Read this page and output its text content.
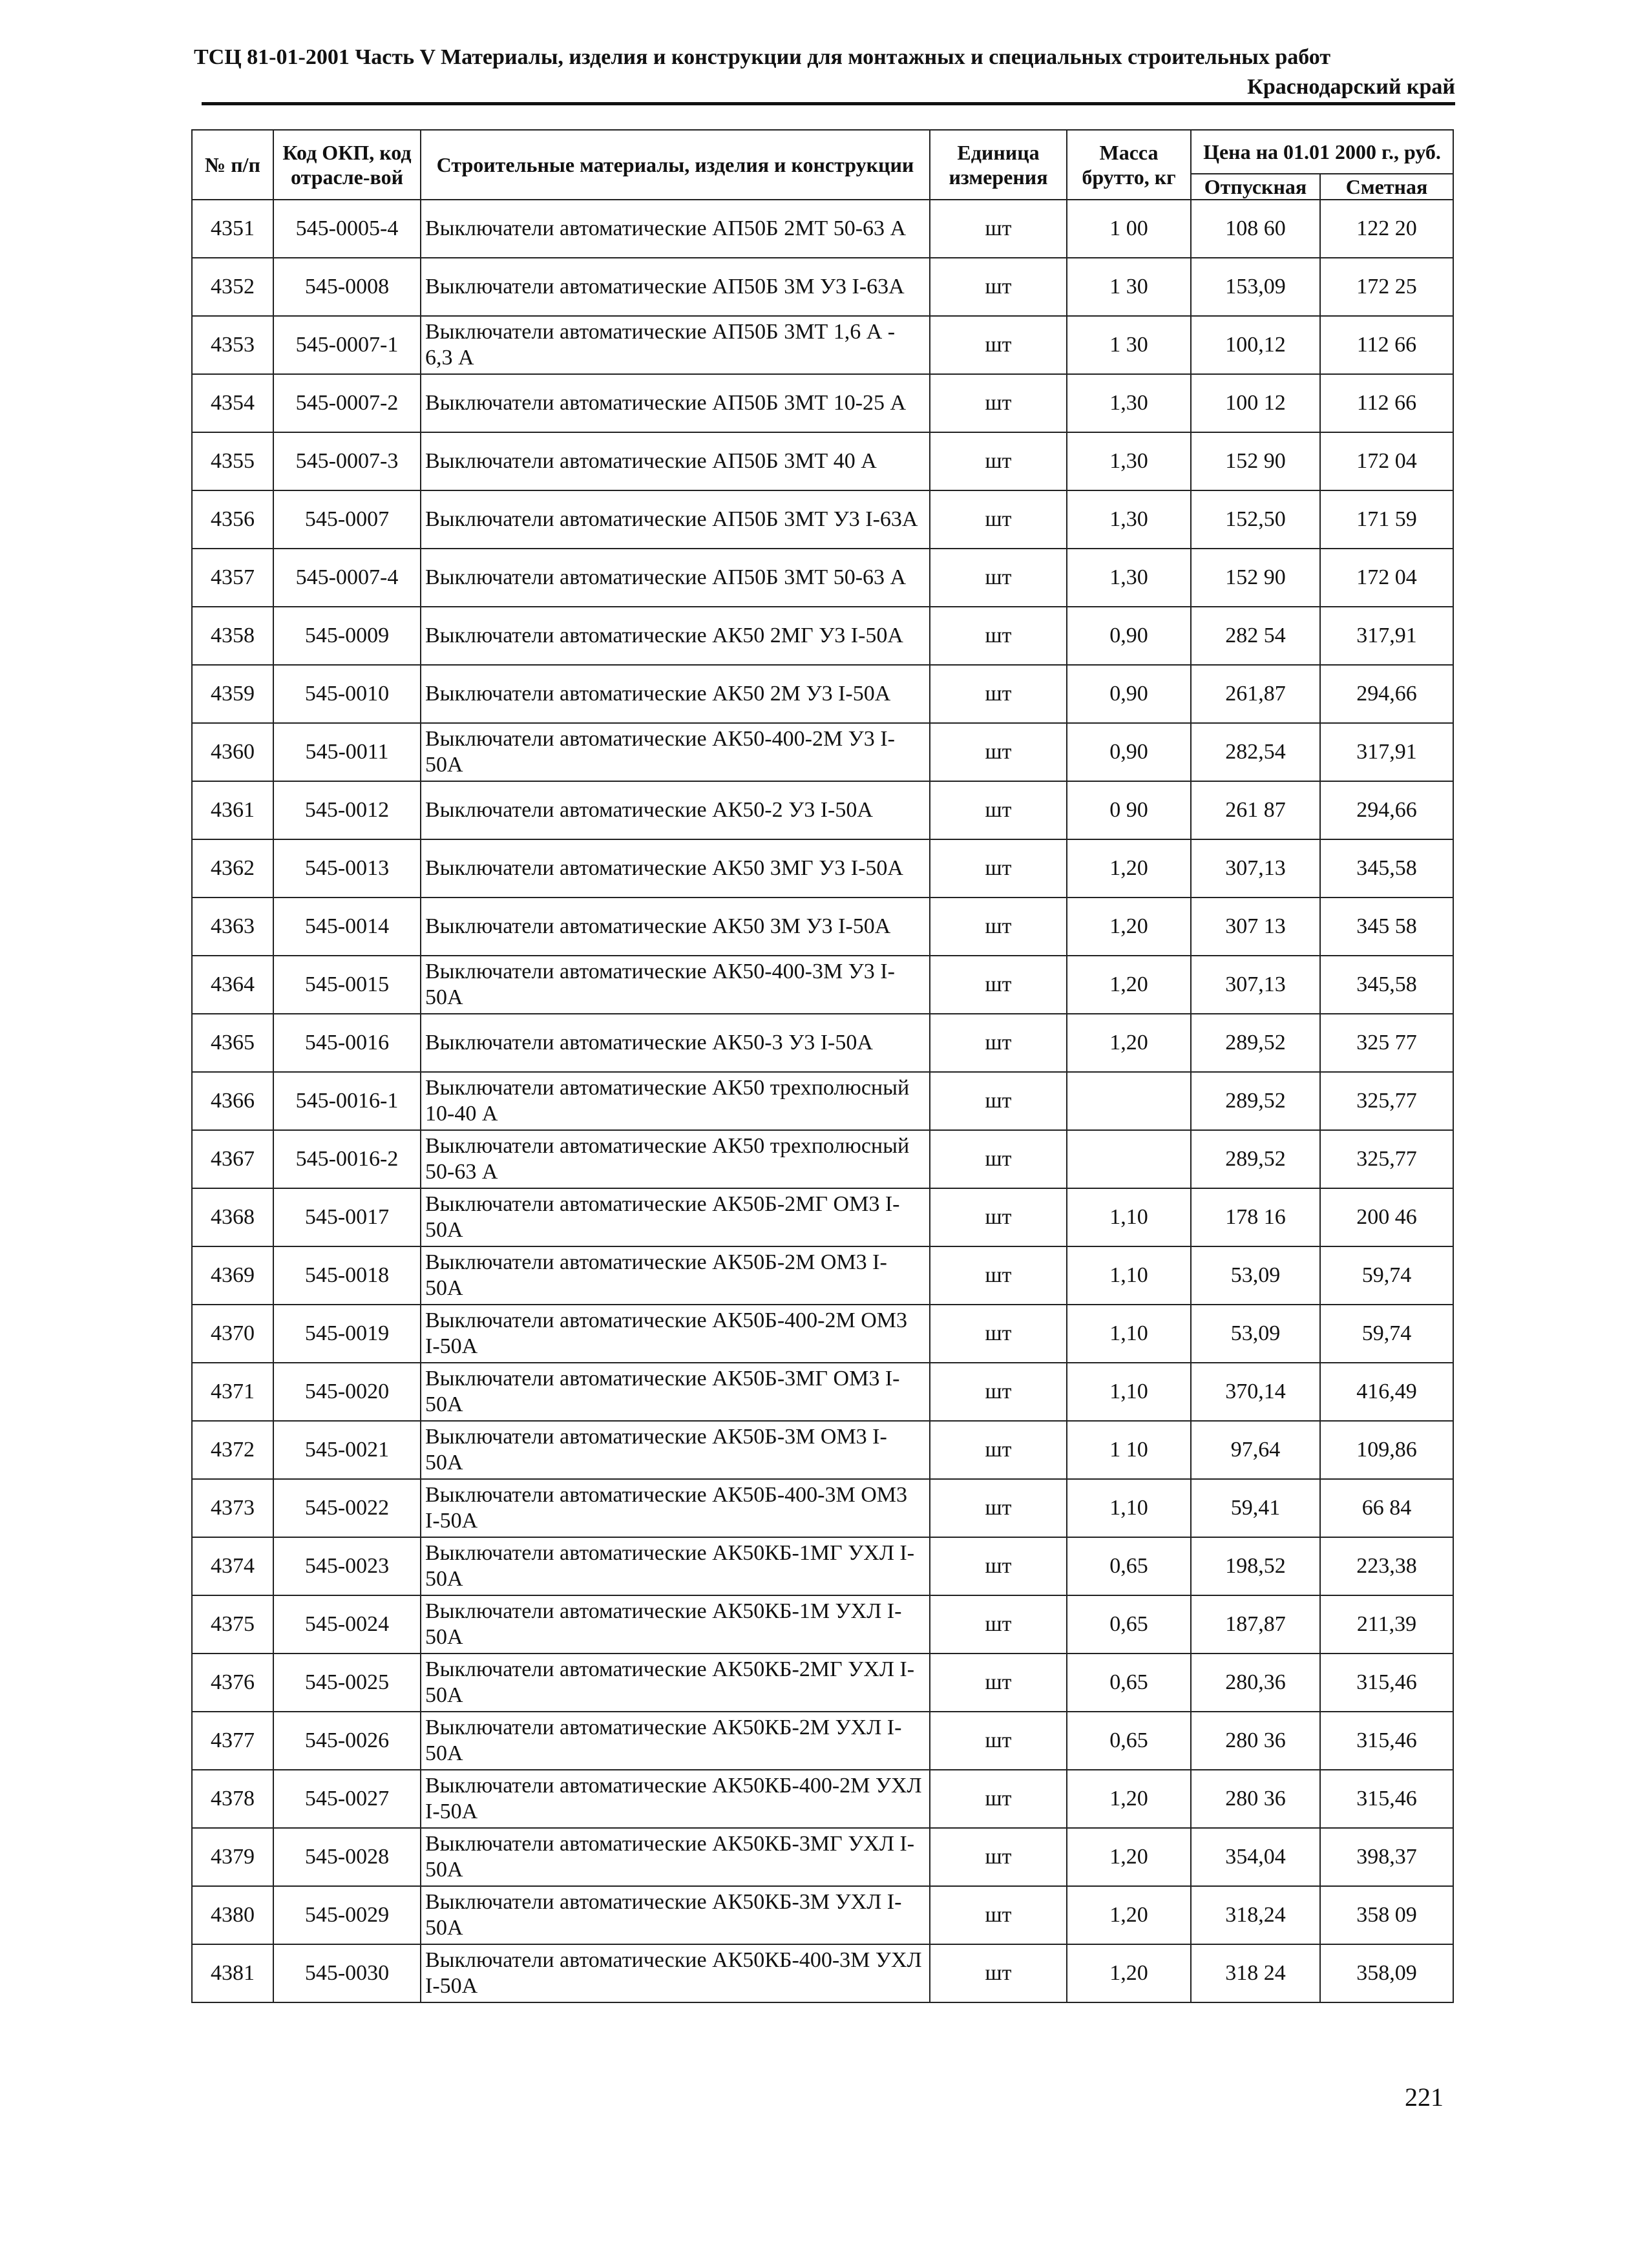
ТСЦ 81-01-2001 Часть V Материалы, изделия и конструкции для монтажных и специальных строительных работ
Краснодарский край
№ п/п	Код ОКП, код отрасле-вой	Строительные материалы, изделия и конструкции	Единица измерения	Масса брутто, кг	Цена на 01.01 2000 г., руб.	
					Отпускная	Сметная
4351	545-0005-4	Выключатели автоматические АП50Б 2МТ 50-63 А	шт	1 00	108 60	122 20
4352	545-0008	Выключатели автоматические АП50Б 3М У3 I-63А	шт	1 30	153,09	172 25
4353	545-0007-1	Выключатели автоматические АП50Б 3МТ 1,6 А - 6,3 А	шт	1 30	100,12	112 66
4354	545-0007-2	Выключатели автоматические АП50Б 3МТ 10-25 А	шт	1,30	100 12	112 66
4355	545-0007-3	Выключатели автоматические АП50Б 3МТ 40 А	шт	1,30	152 90	172 04
4356	545-0007	Выключатели автоматические АП50Б 3МТ У3 I-63А	шт	1,30	152,50	171 59
4357	545-0007-4	Выключатели автоматические АП50Б 3МТ 50-63 А	шт	1,30	152 90	172 04
4358	545-0009	Выключатели автоматические АК50 2МГ У3 I-50А	шт	0,90	282 54	317,91
4359	545-0010	Выключатели автоматические АК50 2М У3 I-50А	шт	0,90	261,87	294,66
4360	545-0011	Выключатели автоматические АК50-400-2М У3 I-50А	шт	0,90	282,54	317,91
4361	545-0012	Выключатели автоматические АК50-2 У3 I-50А	шт	0 90	261 87	294,66
4362	545-0013	Выключатели автоматические АК50 3МГ У3 I-50А	шт	1,20	307,13	345,58
4363	545-0014	Выключатели автоматические АК50 3М У3 I-50А	шт	1,20	307 13	345 58
4364	545-0015	Выключатели автоматические АК50-400-3М У3 I-50А	шт	1,20	307,13	345,58
4365	545-0016	Выключатели автоматические АК50-3 У3 I-50А	шт	1,20	289,52	325 77
4366	545-0016-1	Выключатели автоматические АК50 трехполюсный 10-40 А	шт		289,52	325,77
4367	545-0016-2	Выключатели автоматические АК50 трехполюсный 50-63 А	шт		289,52	325,77
4368	545-0017	Выключатели автоматические АК50Б-2МГ ОМ3 I-50А	шт	1,10	178 16	200 46
4369	545-0018	Выключатели автоматические АК50Б-2М ОМ3 I-50А	шт	1,10	53,09	59,74
4370	545-0019	Выключатели автоматические АК50Б-400-2М ОМ3 I-50А	шт	1,10	53,09	59,74
4371	545-0020	Выключатели автоматические АК50Б-3МГ ОМ3 I-50А	шт	1,10	370,14	416,49
4372	545-0021	Выключатели автоматические АК50Б-3М ОМ3 I-50А	шт	1 10	97,64	109,86
4373	545-0022	Выключатели автоматические АК50Б-400-3М ОМ3 I-50А	шт	1,10	59,41	66 84
4374	545-0023	Выключатели автоматические АК50КБ-1МГ УХЛ I-50А	шт	0,65	198,52	223,38
4375	545-0024	Выключатели автоматические АК50КБ-1М УХЛ I-50А	шт	0,65	187,87	211,39
4376	545-0025	Выключатели автоматические АК50КБ-2МГ УХЛ I-50А	шт	0,65	280,36	315,46
4377	545-0026	Выключатели автоматические АК50КБ-2М УХЛ I-50А	шт	0,65	280 36	315,46
4378	545-0027	Выключатели автоматические АК50КБ-400-2М УХЛ I-50А	шт	1,20	280 36	315,46
4379	545-0028	Выключатели автоматические АК50КБ-3МГ УХЛ I-50А	шт	1,20	354,04	398,37
4380	545-0029	Выключатели автоматические АК50КБ-3М УХЛ I-50А	шт	1,20	318,24	358 09
4381	545-0030	Выключатели автоматические АК50КБ-400-3М УХЛ I-50А	шт	1,20	318 24	358,09
221
